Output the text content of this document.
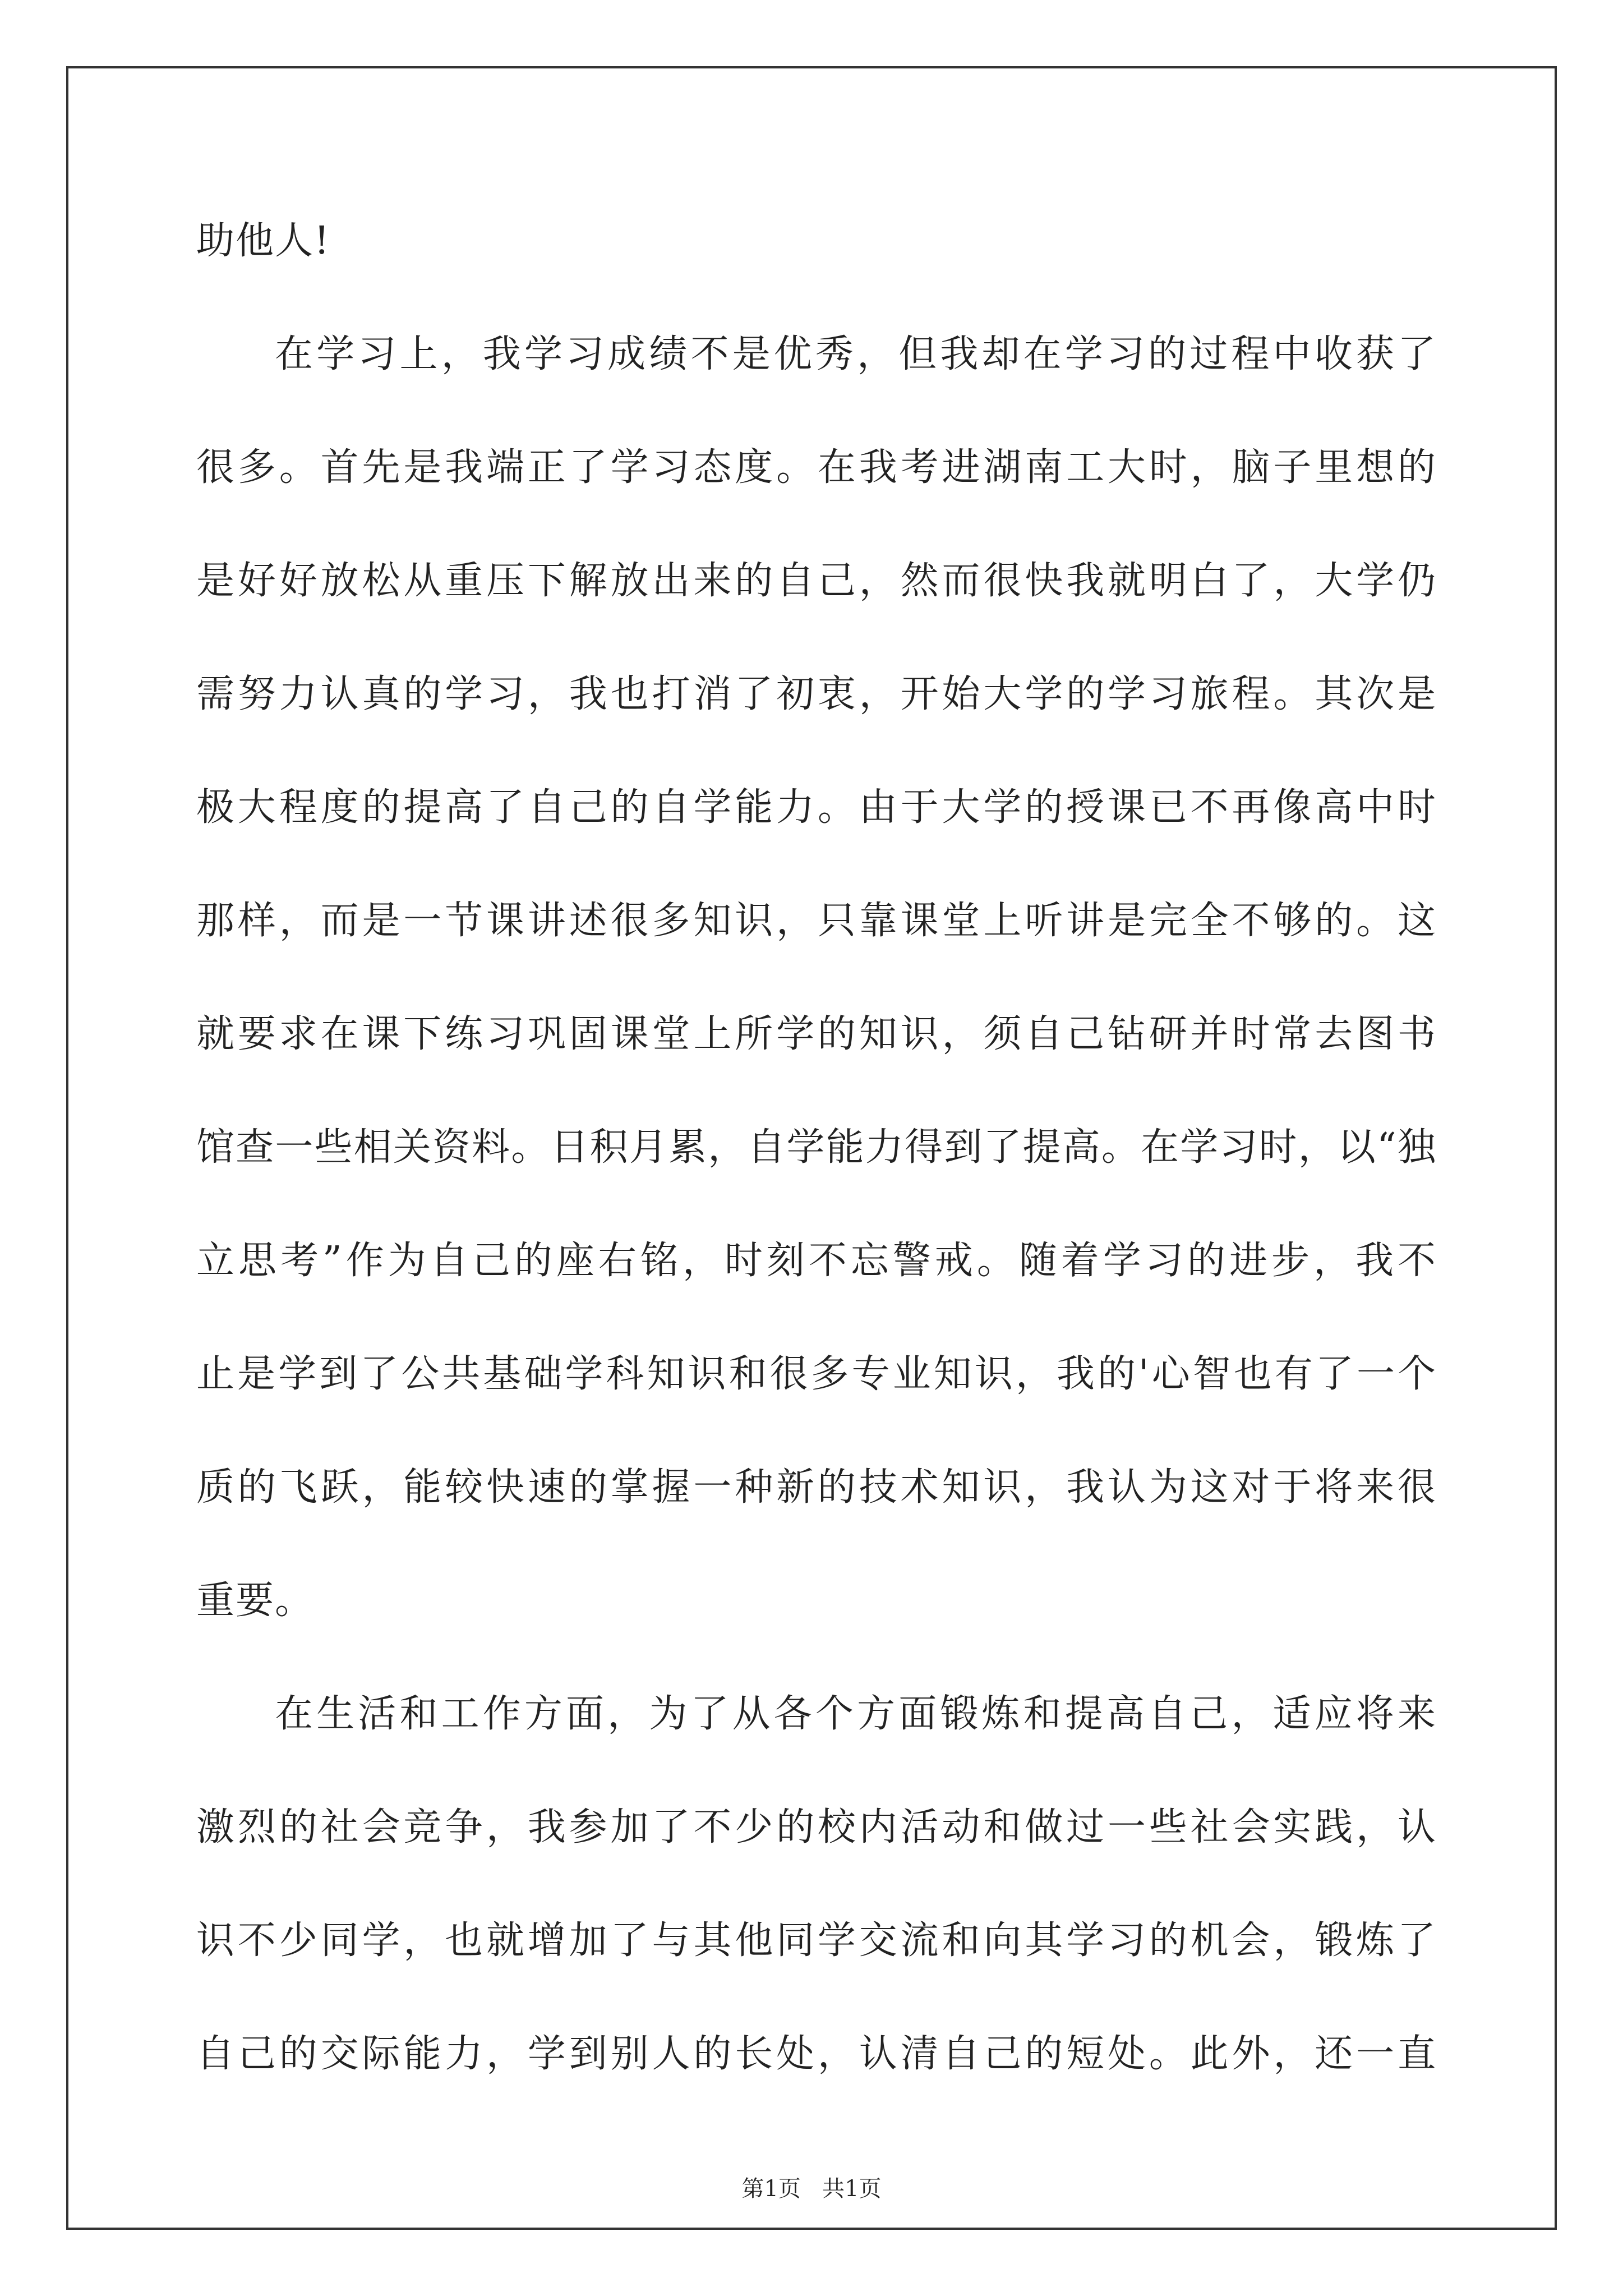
助他人!
在学习上，我学习成绩不是优秀，但我却在学习的过程中收获了
很多。首先是我端正了学习态度。在我考进湖南工大时，脑子里想的
是好好放松从重压下解放出来的自己，然而很快我就明白了，大学仍
需努力认真的学习，我也打消了初衷，开始大学的学习旅程。其次是
极大程度的提高了自己的自学能力。由于大学的授课已不再像高中时
那样，而是一节课讲述很多知识，只靠课堂上听讲是完全不够的。这
就要求在课下练习巩固课堂上所学的知识，须自己钻研并时常去图书
馆查一些相关资料。日积月累，自学能力得到了提高。在学习时，以“独
立思考”作为自己的座右铭，时刻不忘警戒。随着学习的进步，我不
止是学到了公共基础学科知识和很多专业知识，我的'心智也有了一个
质的飞跃，能较快速的掌握一种新的技术知识，我认为这对于将来很
重要。
在生活和工作方面，为了从各个方面锻炼和提高自己，适应将来
激烈的社会竞争，我参加了不少的校内活动和做过一些社会实践，认
识不少同学，也就增加了与其他同学交流和向其学习的机会，锻炼了
自己的交际能力，学到别人的长处，认清自己的短处。此外，还一直
第1页   共1页
